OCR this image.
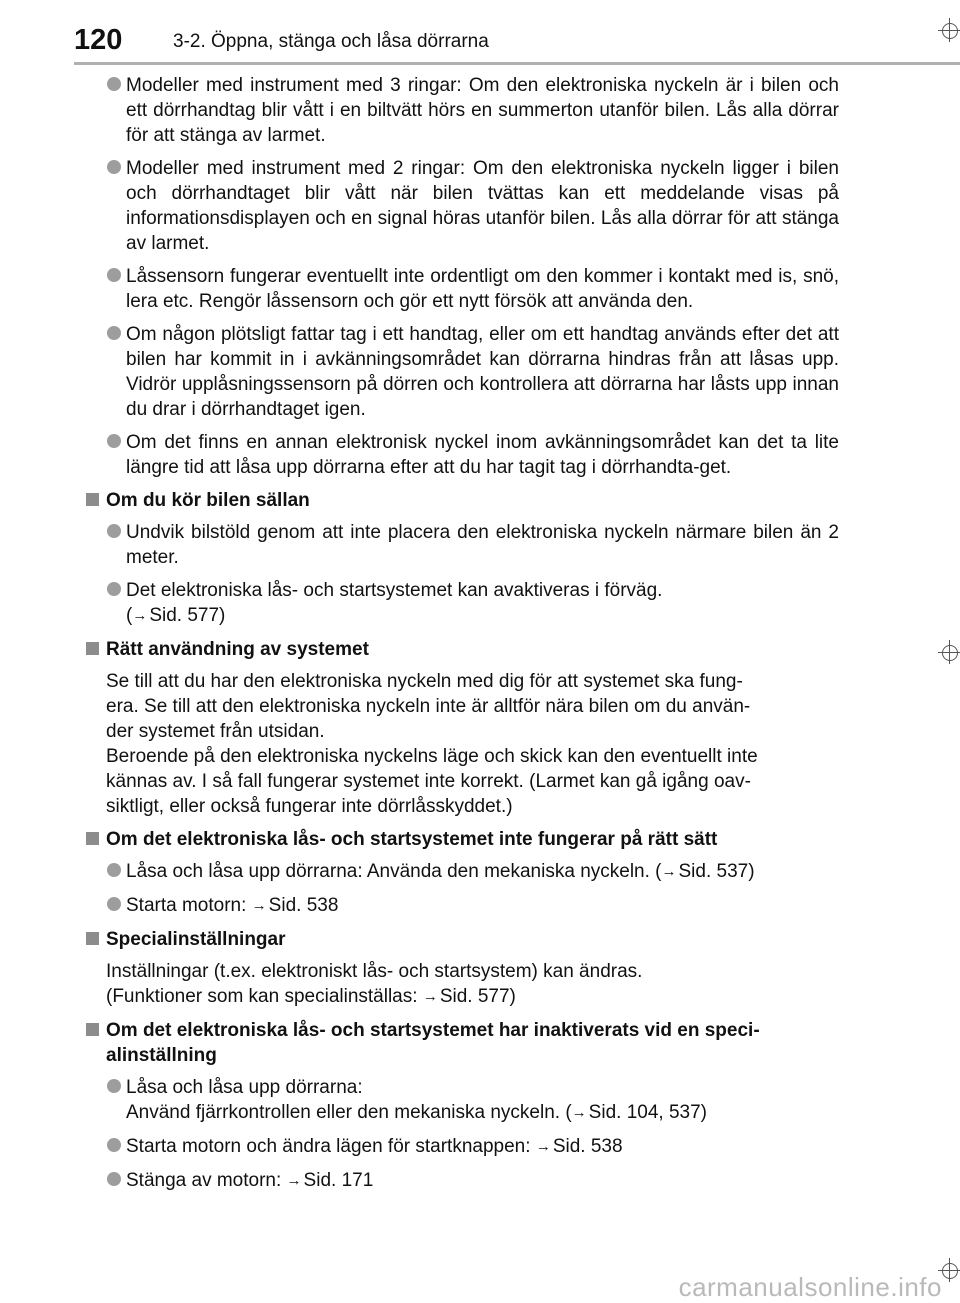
120	3-2. Öppna, stänga och låsa dörrarna
Modeller med instrument med 3 ringar: Om den elektroniska nyckeln är i bilen och ett dörrhandtag blir vått i en biltvätt hörs en summerton utanför bilen. Lås alla dörrar för att stänga av larmet.
Modeller med instrument med 2 ringar: Om den elektroniska nyckeln ligger i bilen och dörrhandtaget blir vått när bilen tvättas kan ett meddelande visas på informationsdisplayen och en signal höras utanför bilen. Lås alla dörrar för att stänga av larmet.
Låssensorn fungerar eventuellt inte ordentligt om den kommer i kontakt med is, snö, lera etc. Rengör låssensorn och gör ett nytt försök att använda den.
Om någon plötsligt fattar tag i ett handtag, eller om ett handtag används efter det att bilen har kommit in i avkänningsområdet kan dörrarna hindras från att låsas upp. Vidrör upplåsningssensorn på dörren och kontrollera att dörrarna har låsts upp innan du drar i dörrhandtaget igen.
Om det finns en annan elektronisk nyckel inom avkänningsområdet kan det ta lite längre tid att låsa upp dörrarna efter att du har tagit tag i dörrhandta-get.
Om du kör bilen sällan
Undvik bilstöld genom att inte placera den elektroniska nyckeln närmare bilen än 2 meter.
Det elektroniska lås- och startsystemet kan avaktiveras i förväg.
(→ Sid. 577)
Rätt användning av systemet
Se till att du har den elektroniska nyckeln med dig för att systemet ska fung-
era. Se till att den elektroniska nyckeln inte är alltför nära bilen om du använ-
der systemet från utsidan.
Beroende på den elektroniska nyckelns läge och skick kan den eventuellt inte
kännas av. I så fall fungerar systemet inte korrekt. (Larmet kan gå igång oav-
siktligt, eller också fungerar inte dörrlåsskyddet.)
Om det elektroniska lås- och startsystemet inte fungerar på rätt sätt
Låsa och låsa upp dörrarna: Använda den mekaniska nyckeln. (→ Sid. 537)
Starta motorn: → Sid. 538
Specialinställningar
Inställningar (t.ex. elektroniskt lås- och startsystem) kan ändras.
(Funktioner som kan specialinställas: → Sid. 577)
Om det elektroniska lås- och startsystemet har inaktiverats vid en speci-
alinställning
Låsa och låsa upp dörrarna:
Använd fjärrkontrollen eller den mekaniska nyckeln. (→ Sid. 104, 537)
Starta motorn och ändra lägen för startknappen: → Sid. 538
Stänga av motorn: → Sid. 171
carmanualsonline.info
